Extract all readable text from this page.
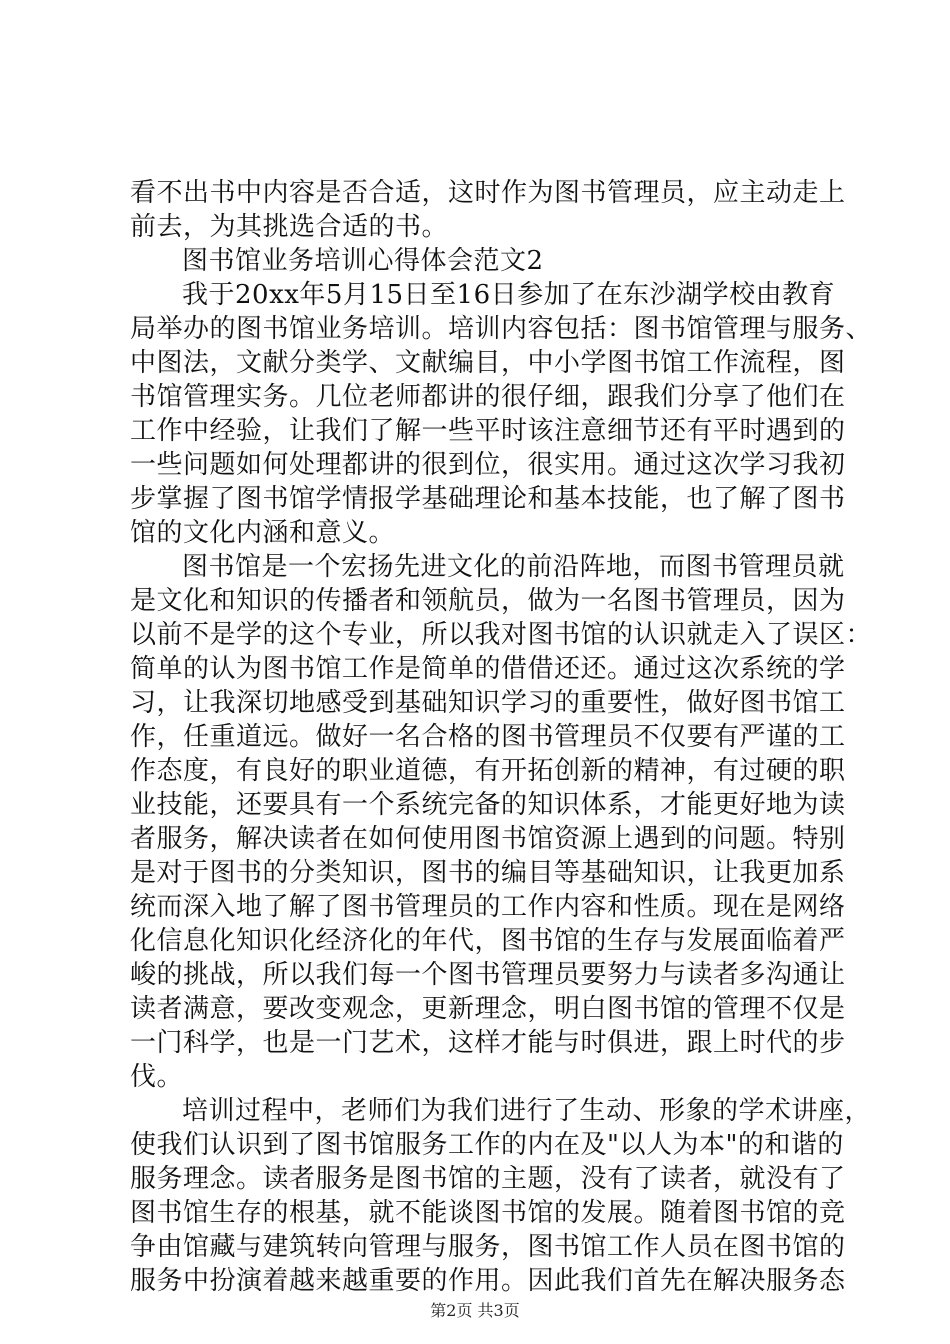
看不出书中内容是否合适，这时作为图书管理员，应主动走上
前去，为其挑选合适的书。
图书馆业务培训心得体会范文2
我于20xx年5月15日至16日参加了在东沙湖学校由教育
局举办的图书馆业务培训。培训内容包括：图书馆管理与服务、
中图法，文献分类学、文献编目，中小学图书馆工作流程，图
书馆管理实务。几位老师都讲的很仔细，跟我们分享了他们在
工作中经验，让我们了解一些平时该注意细节还有平时遇到的
一些问题如何处理都讲的很到位，很实用。通过这次学习我初
步掌握了图书馆学情报学基础理论和基本技能，也了解了图书
馆的文化内涵和意义。
图书馆是一个宏扬先进文化的前沿阵地，而图书管理员就
是文化和知识的传播者和领航员，做为一名图书管理员，因为
以前不是学的这个专业，所以我对图书馆的认识就走入了误区：
简单的认为图书馆工作是简单的借借还还。通过这次系统的学
习，让我深切地感受到基础知识学习的重要性，做好图书馆工
作，任重道远。做好一名合格的图书管理员不仅要有严谨的工
作态度，有良好的职业道德，有开拓创新的精神，有过硬的职
业技能，还要具有一个系统完备的知识体系，才能更好地为读
者服务，解决读者在如何使用图书馆资源上遇到的问题。特别
是对于图书的分类知识，图书的编目等基础知识，让我更加系
统而深入地了解了图书管理员的工作内容和性质。现在是网络
化信息化知识化经济化的年代，图书馆的生存与发展面临着严
峻的挑战，所以我们每一个图书管理员要努力与读者多沟通让
读者满意，要改变观念，更新理念，明白图书馆的管理不仅是
一门科学，也是一门艺术，这样才能与时俱进，跟上时代的步
伐。
培训过程中，老师们为我们进行了生动、形象的学术讲座，
使我们认识到了图书馆服务工作的内在及"以人为本"的和谐的
服务理念。读者服务是图书馆的主题，没有了读者，就没有了
图书馆生存的根基，就不能谈图书馆的发展。随着图书馆的竞
争由馆藏与建筑转向管理与服务，图书馆工作人员在图书馆的
服务中扮演着越来越重要的作用。因此我们首先在解决服务态
第2页 共3页
